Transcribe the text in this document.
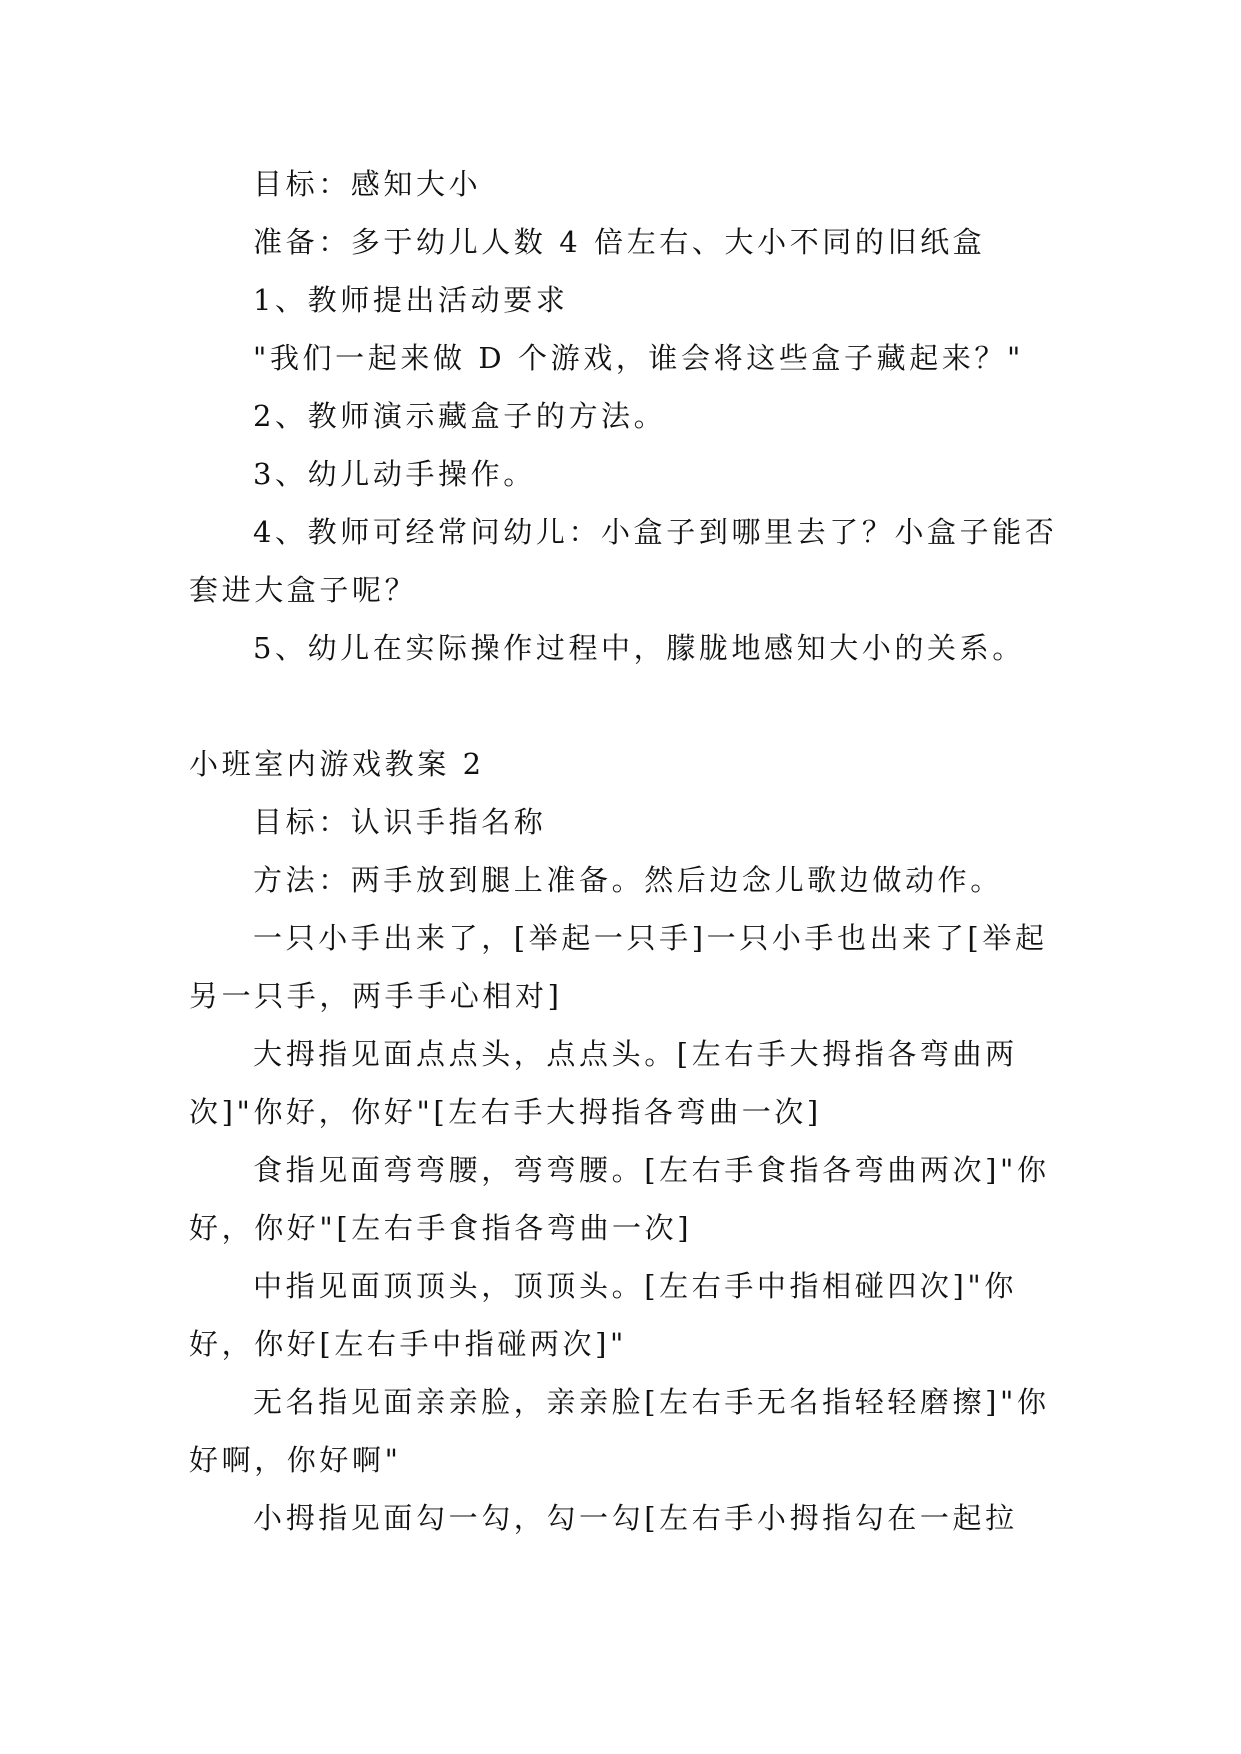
目标：感知大小

准备：多于幼儿人数 4 倍左右、大小不同的旧纸盒

1、教师提出活动要求

"我们一起来做 D 个游戏，谁会将这些盒子藏起来？"

2、教师演示藏盒子的方法。

3、幼儿动手操作。

4、教师可经常问幼儿：小盒子到哪里去了？小盒子能否套进大盒子呢？

5、幼儿在实际操作过程中，朦胧地感知大小的关系。

小班室内游戏教案 2

目标：认识手指名称

方法：两手放到腿上准备。然后边念儿歌边做动作。

一只小手出来了，[举起一只手]一只小手也出来了[举起另一只手，两手手心相对]

大拇指见面点点头，点点头。[左右手大拇指各弯曲两次]"你好，你好"[左右手大拇指各弯曲一次]

食指见面弯弯腰，弯弯腰。[左右手食指各弯曲两次]"你好，你好"[左右手食指各弯曲一次]

中指见面顶顶头，顶顶头。[左右手中指相碰四次]"你好，你好[左右手中指碰两次]"

无名指见面亲亲脸，亲亲脸[左右手无名指轻轻磨擦]"你好啊，你好啊"

小拇指见面勾一勾，勾一勾[左右手小拇指勾在一起拉
